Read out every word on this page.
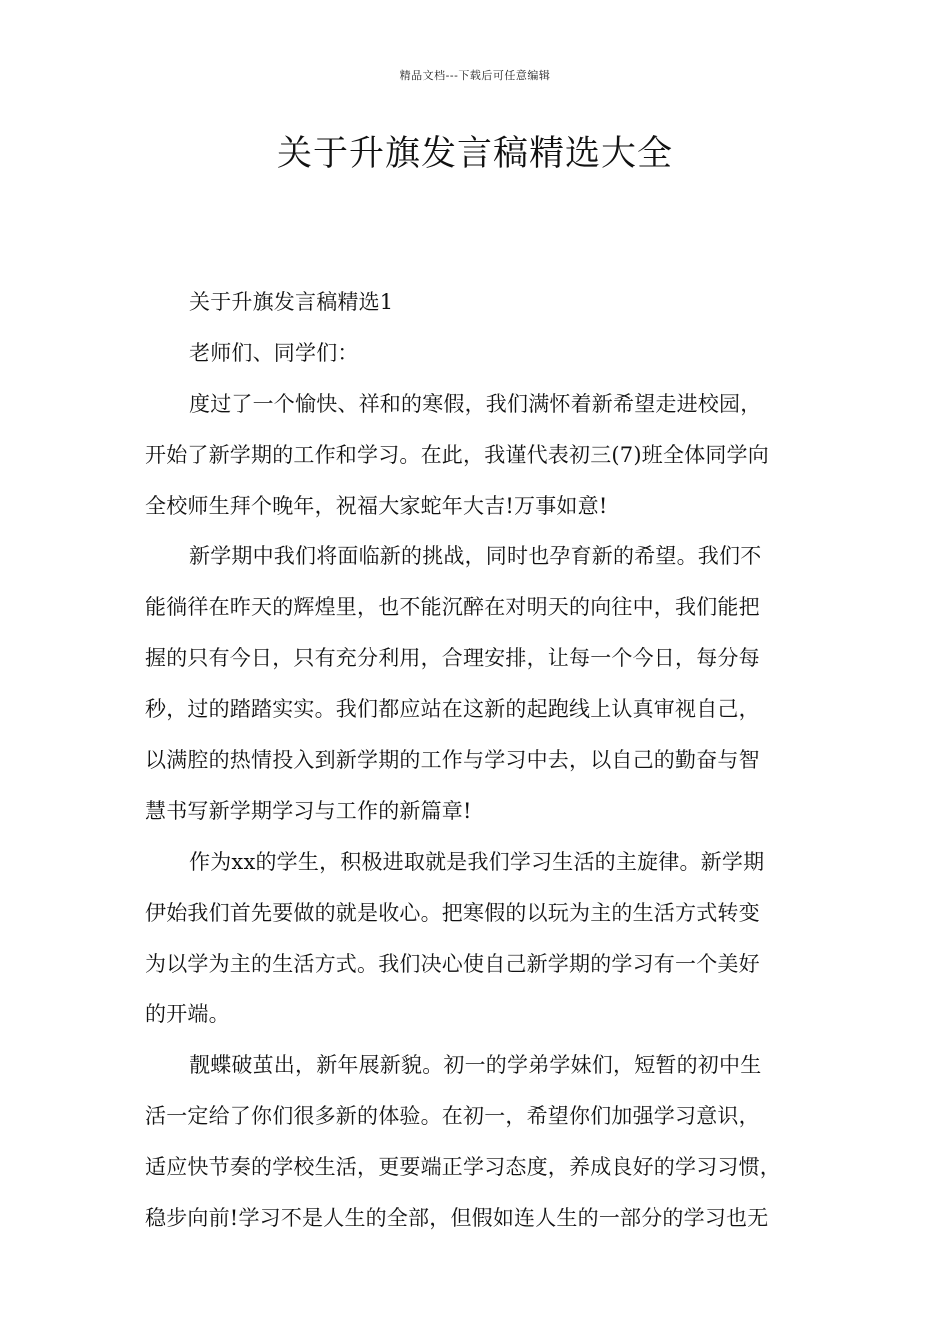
精品文档---下载后可任意编辑
关于升旗发言稿精选大全
关于升旗发言稿精选1
老师们、同学们：
度过了一个愉快、祥和的寒假，我们满怀着新希望走进校园，
开始了新学期的工作和学习。在此，我谨代表初三(7)班全体同学向
全校师生拜个晚年，祝福大家蛇年大吉!万事如意!
新学期中我们将面临新的挑战，同时也孕育新的希望。我们不
能徜徉在昨天的辉煌里，也不能沉醉在对明天的向往中，我们能把
握的只有今日，只有充分利用，合理安排，让每一个今日，每分每
秒，过的踏踏实实。我们都应站在这新的起跑线上认真审视自己，
以满腔的热情投入到新学期的工作与学习中去，以自己的勤奋与智
慧书写新学期学习与工作的新篇章!
作为xx的学生，积极进取就是我们学习生活的主旋律。新学期
伊始我们首先要做的就是收心。把寒假的以玩为主的生活方式转变
为以学为主的生活方式。我们决心使自己新学期的学习有一个美好
的开端。
靓蝶破茧出，新年展新貌。初一的学弟学妹们，短暂的初中生
活一定给了你们很多新的体验。在初一，希望你们加强学习意识，
适应快节奏的学校生活，更要端正学习态度，养成良好的学习习惯，
稳步向前!学习不是人生的全部，但假如连人生的一部分的学习也无
